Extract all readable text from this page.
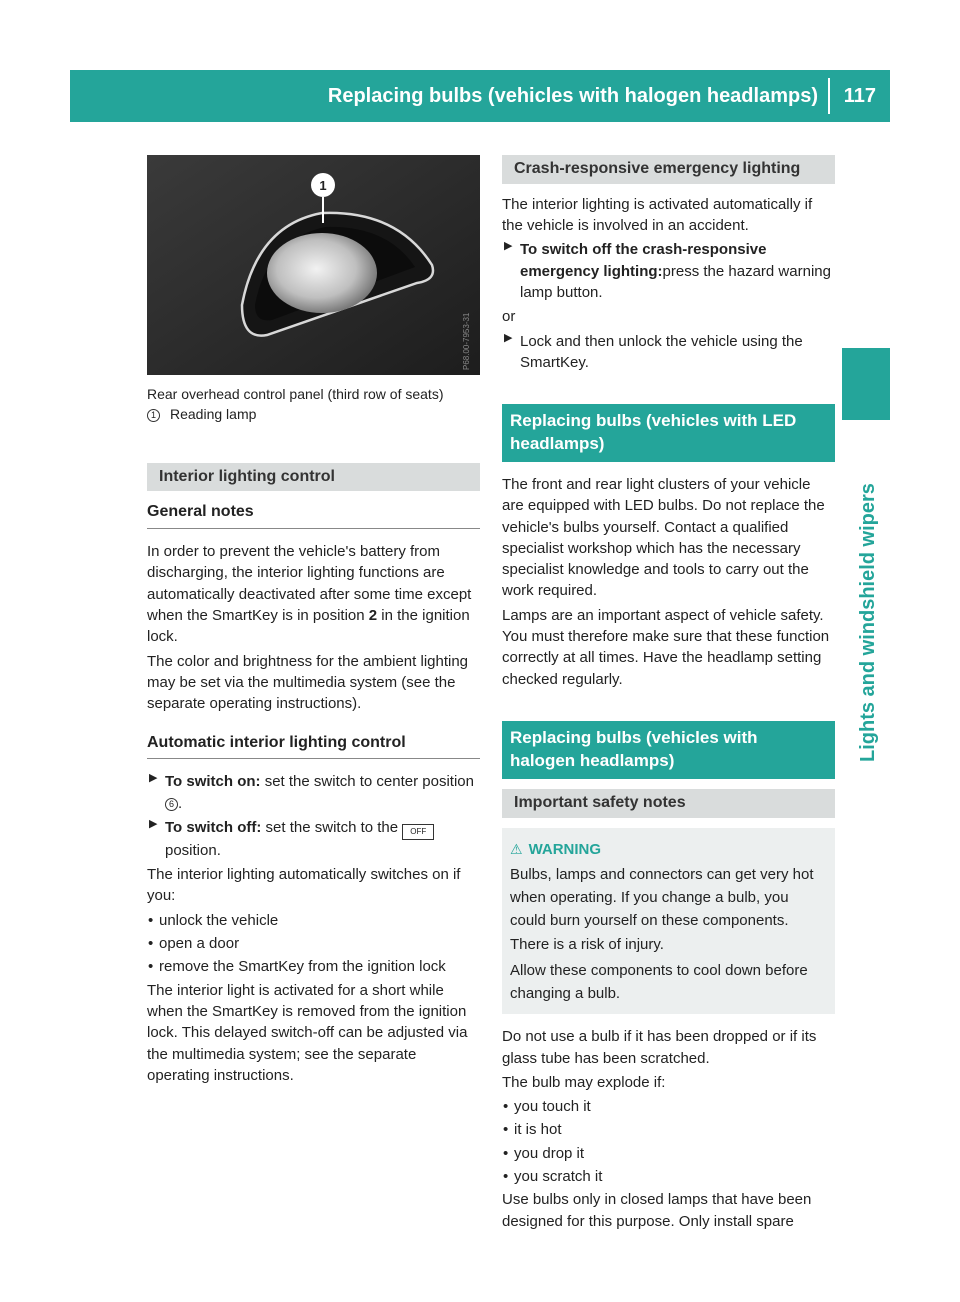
Replacing bulbs (vehicles with halogen headlamps) 117
Lights and windshield wipers
1
P68.00-7953-31
Rear overhead control panel (third row of seats)
1 Reading lamp
Interior lighting control
General notes

In order to prevent the vehicle's battery from discharging, the interior lighting functions are automatically deactivated after some time except when the SmartKey is in position 2 in the ignition lock.

The color and brightness for the ambient lighting may be set via the multimedia system (see the separate operating instructions).

Automatic interior lighting control
▶ To switch on: set the switch to center position 6 .
▶ To switch off: set the switch to the OFF position.

The interior lighting automatically switches on if you:

• unlock the vehicle
• open a door
• remove the SmartKey from the ignition lock

The interior light is activated for a short while when the SmartKey is removed from the ignition lock. This delayed switch-off can be adjusted via the multimedia system; see the separate operating instructions.

Crash-responsive emergency lighting

The interior lighting is activated automatically if the vehicle is involved in an accident.

▶ To switch off the crash-responsive emergency lighting:press the hazard warning lamp button.

or

▶ Lock and then unlock the vehicle using the SmartKey.
Replacing bulbs (vehicles with LED headlamps)

The front and rear light clusters of your vehicle are equipped with LED bulbs. Do not replace the vehicle's bulbs yourself. Contact a qualified specialist workshop which has the necessary specialist knowledge and tools to carry out the work required.

Lamps are an important aspect of vehicle safety. You must therefore make sure that these function correctly at all times. Have the headlamp setting checked regularly.

Replacing bulbs (vehicles with halogen headlamps)
Important safety notes
⚠ WARNING

Bulbs, lamps and connectors can get very hot when operating. If you change a bulb, you could burn yourself on these components. There is a risk of injury.

Allow these components to cool down before changing a bulb.

Do not use a bulb if it has been dropped or if its glass tube has been scratched.

The bulb may explode if:

• you touch it
• it is hot
• you drop it
• you scratch it

Use bulbs only in closed lamps that have been designed for this purpose. Only install spare
